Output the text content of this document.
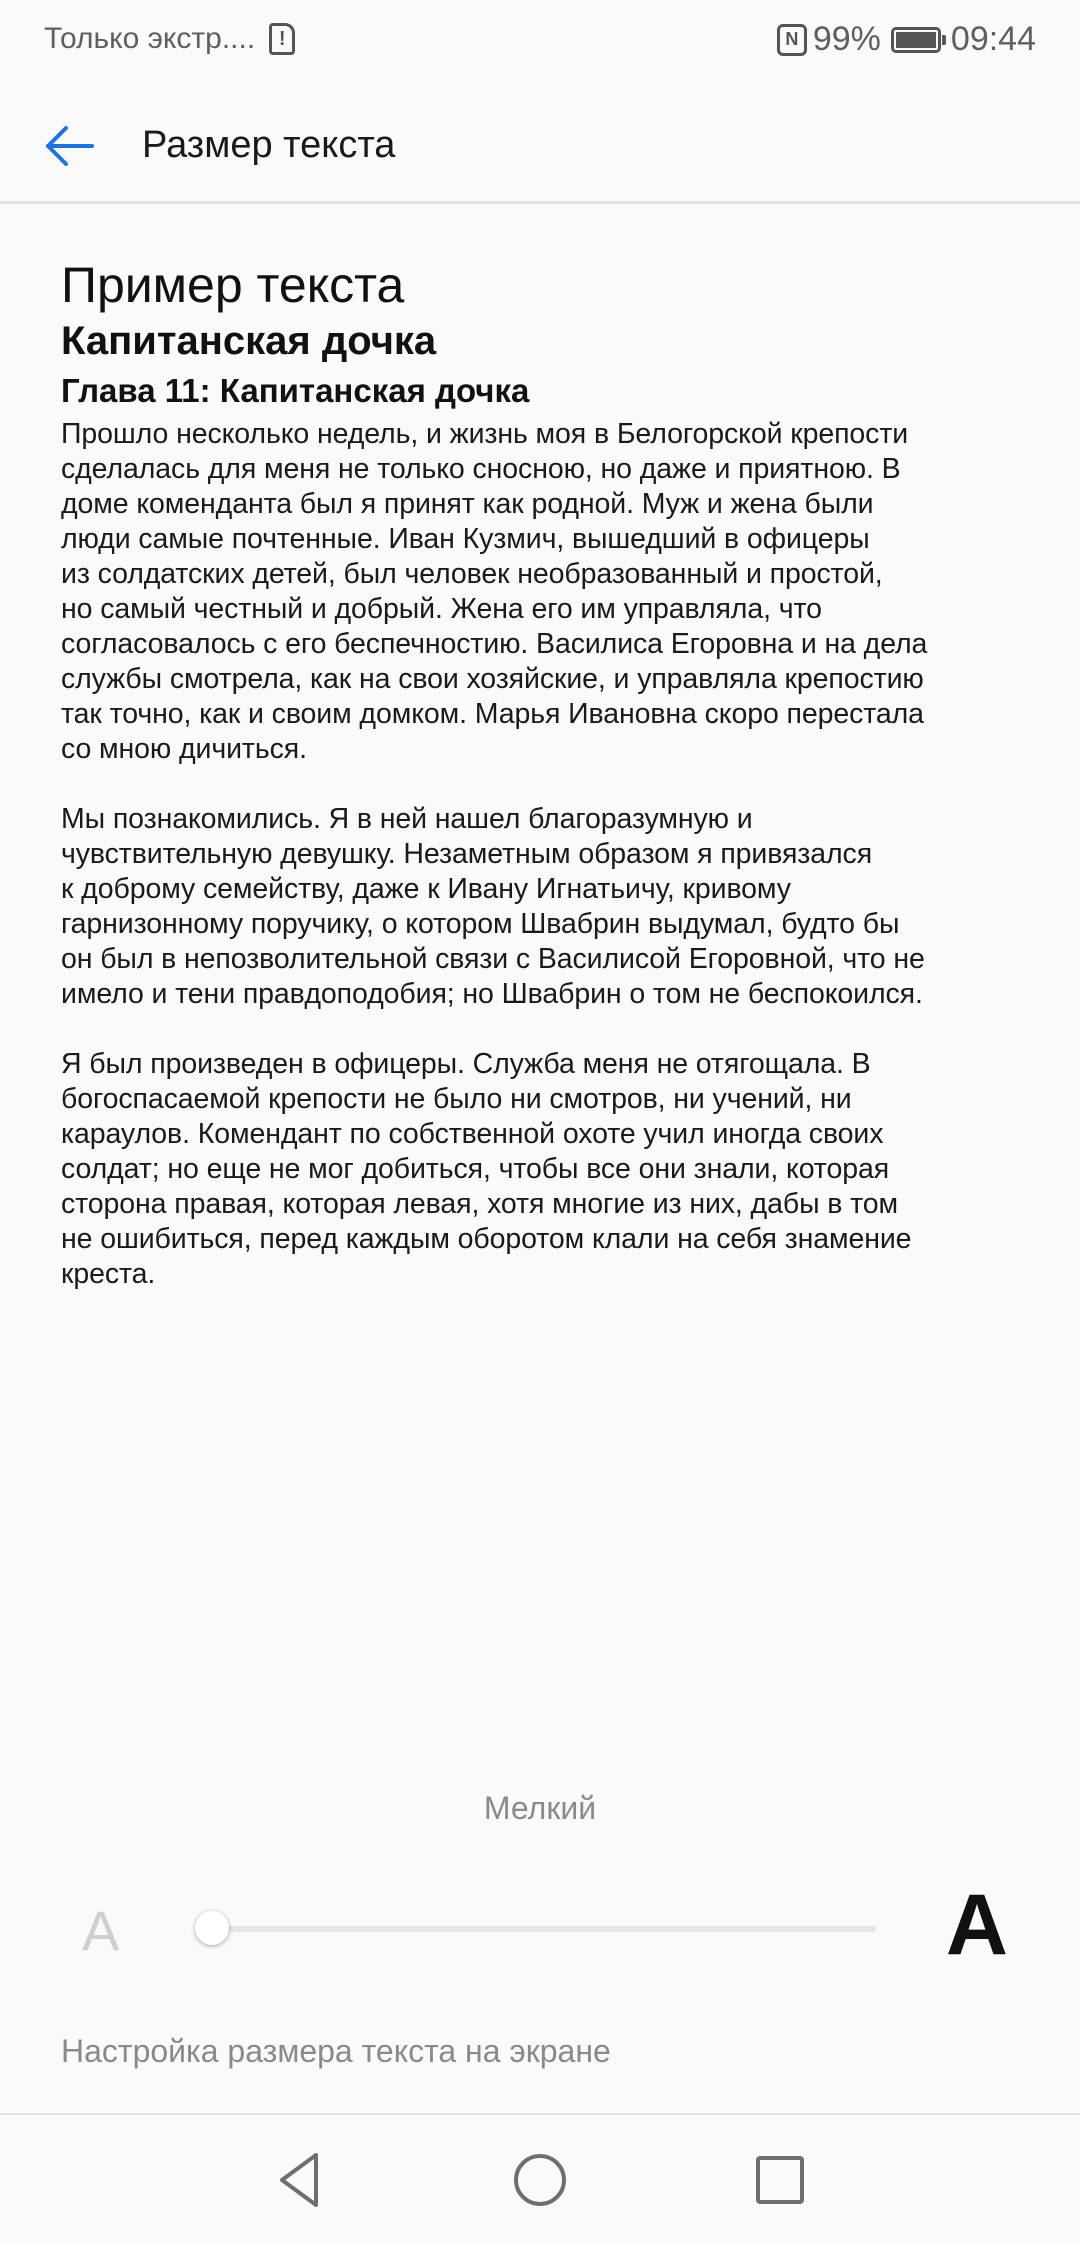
Только экстр....	!	N 99% 09:44
Размер текста
Пример текста
Капитанская дочка
Глава 11: Капитанская дочка

Прошло несколько недель, и жизнь моя в Белогорской крепости
сделалась для меня не только сносною, но даже и приятною. В
доме коменданта был я принят как родной. Муж и жена были
люди самые почтенные. Иван Кузмич, вышедший в офицеры
из солдатских детей, был человек необразованный и простой,
но самый честный и добрый. Жена его им управляла, что
согласовалось с его беспечностию. Василиса Егоровна и на дела
службы смотрела, как на свои хозяйские, и управляла крепостию
так точно, как и своим домком. Марья Ивановна скоро перестала
со мною дичиться.

Мы познакомились. Я в ней нашел благоразумную и
чувствительную девушку. Незаметным образом я привязался
к доброму семейству, даже к Ивану Игнатьичу, кривому
гарнизонному поручику, о котором Швабрин выдумал, будто бы
он был в непозволительной связи с Василисой Егоровной, что не
имело и тени правдоподобия; но Швабрин о том не беспокоился.

Я был произведен в офицеры. Служба меня не отягощала. В
богоспасаемой крепости не было ни смотров, ни учений, ни
караулов. Комендант по собственной охоте учил иногда своих
солдат; но еще не мог добиться, чтобы все они знали, которая
сторона правая, которая левая, хотя многие из них, дабы в том
не ошибиться, перед каждым оборотом клали на себя знамение
креста.

Мелкий
A	A
Настройка размера текста на экране
